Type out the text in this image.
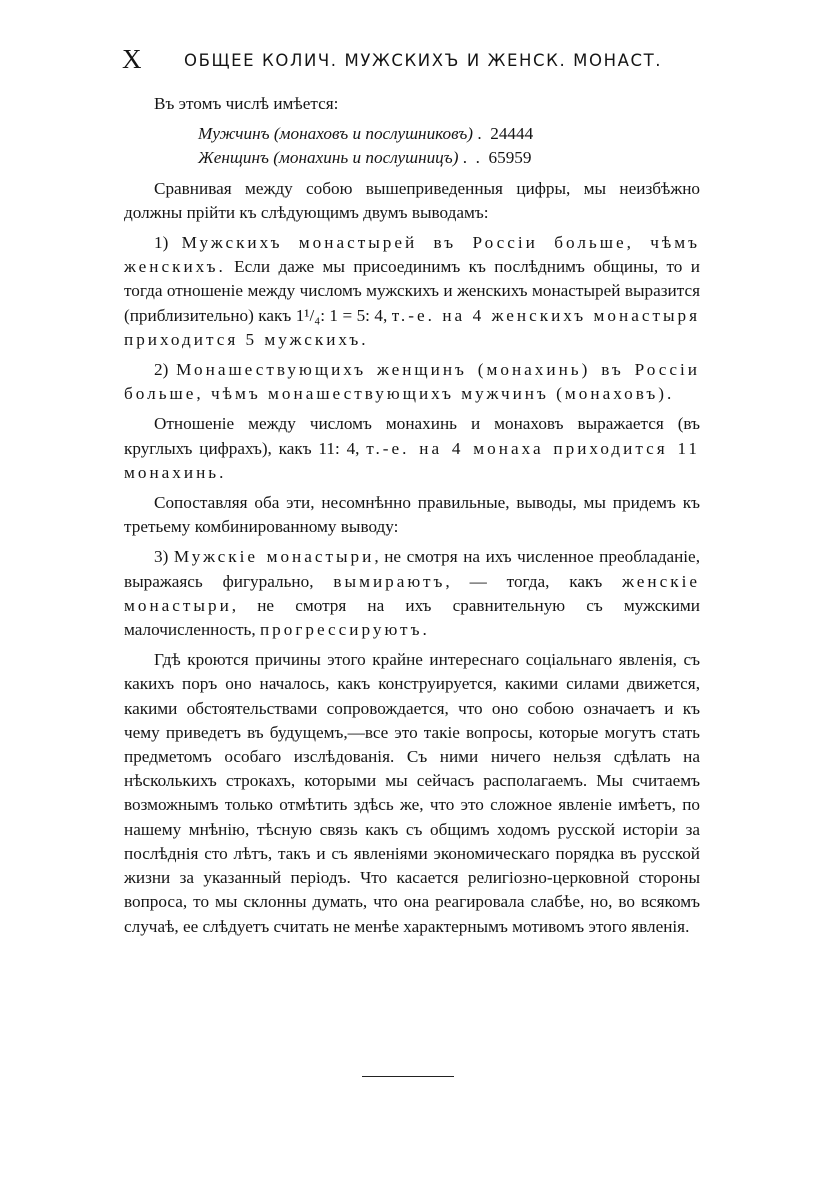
X	ОБЩЕЕ КОЛИЧ. МУЖСКИХЪ И ЖЕНСК. МОНАСТ.

Въ этомъ числѣ имѣется:

Мужчинъ (монаховъ и послушниковъ) . 24444
Женщинъ (монахинь и послушницъ) .  . 65959

Сравнивая между собою вышеприведенныя цифры, мы неизбѣжно должны прійти къ слѣдующимъ двумъ выводамъ:

1) Мужскихъ монастырей въ Россіи больше, чѣмъ женскихъ. Если даже мы присоединимъ къ послѣднимъ общины, то и тогда отношеніе между числомъ мужскихъ и женскихъ монастырей выразится (приблизительно) какъ 1¹/₄: 1 = 5: 4, т.-е. на 4 женскихъ монастыря приходится 5 мужскихъ.

2) Монашествующихъ женщинъ (монахинь) въ Россіи больше, чѣмъ монашествующихъ мужчинъ (монаховъ).

Отношеніе между числомъ монахинь и монаховъ выражается (въ круглыхъ цифрахъ), какъ 11: 4, т.-е. на 4 монаха приходится 11 монахинь.

Сопоставляя оба эти, несомнѣнно правильные, выводы, мы придемъ къ третьему комбинированному выводу:

3) Мужскіе монастыри, не смотря на ихъ численное преобладаніе, выражаясь фигурально, вымираютъ, — тогда, какъ женскіе монастыри, не смотря на ихъ сравнительную съ мужскими малочисленность, прогрессируютъ.

Гдѣ кроются причины этого крайне интереснаго соціальнаго явленія, съ какихъ поръ оно началось, какъ конструируется, какими силами движется, какими обстоятельствами сопровождается, что оно собою означаетъ и къ чему приведетъ въ будущемъ,—все это такіе вопросы, которые могутъ стать предметомъ особаго изслѣдованія. Съ ними ничего нельзя сдѣлать на нѣсколькихъ строкахъ, которыми мы сейчасъ располагаемъ. Мы считаемъ возможнымъ только отмѣтить здѣсь же, что это сложное явленіе имѣетъ, по нашему мнѣнію, тѣсную связь какъ съ общимъ ходомъ русской исторіи за послѣднія сто лѣтъ, такъ и съ явленіями экономическаго порядка въ русской жизни за указанный періодъ. Что касается религіозно-церковной стороны вопроса, то мы склонны думать, что она реагировала слабѣе, но, во всякомъ случаѣ, ее слѣдуетъ считать не менѣе характернымъ мотивомъ этого явленія.
